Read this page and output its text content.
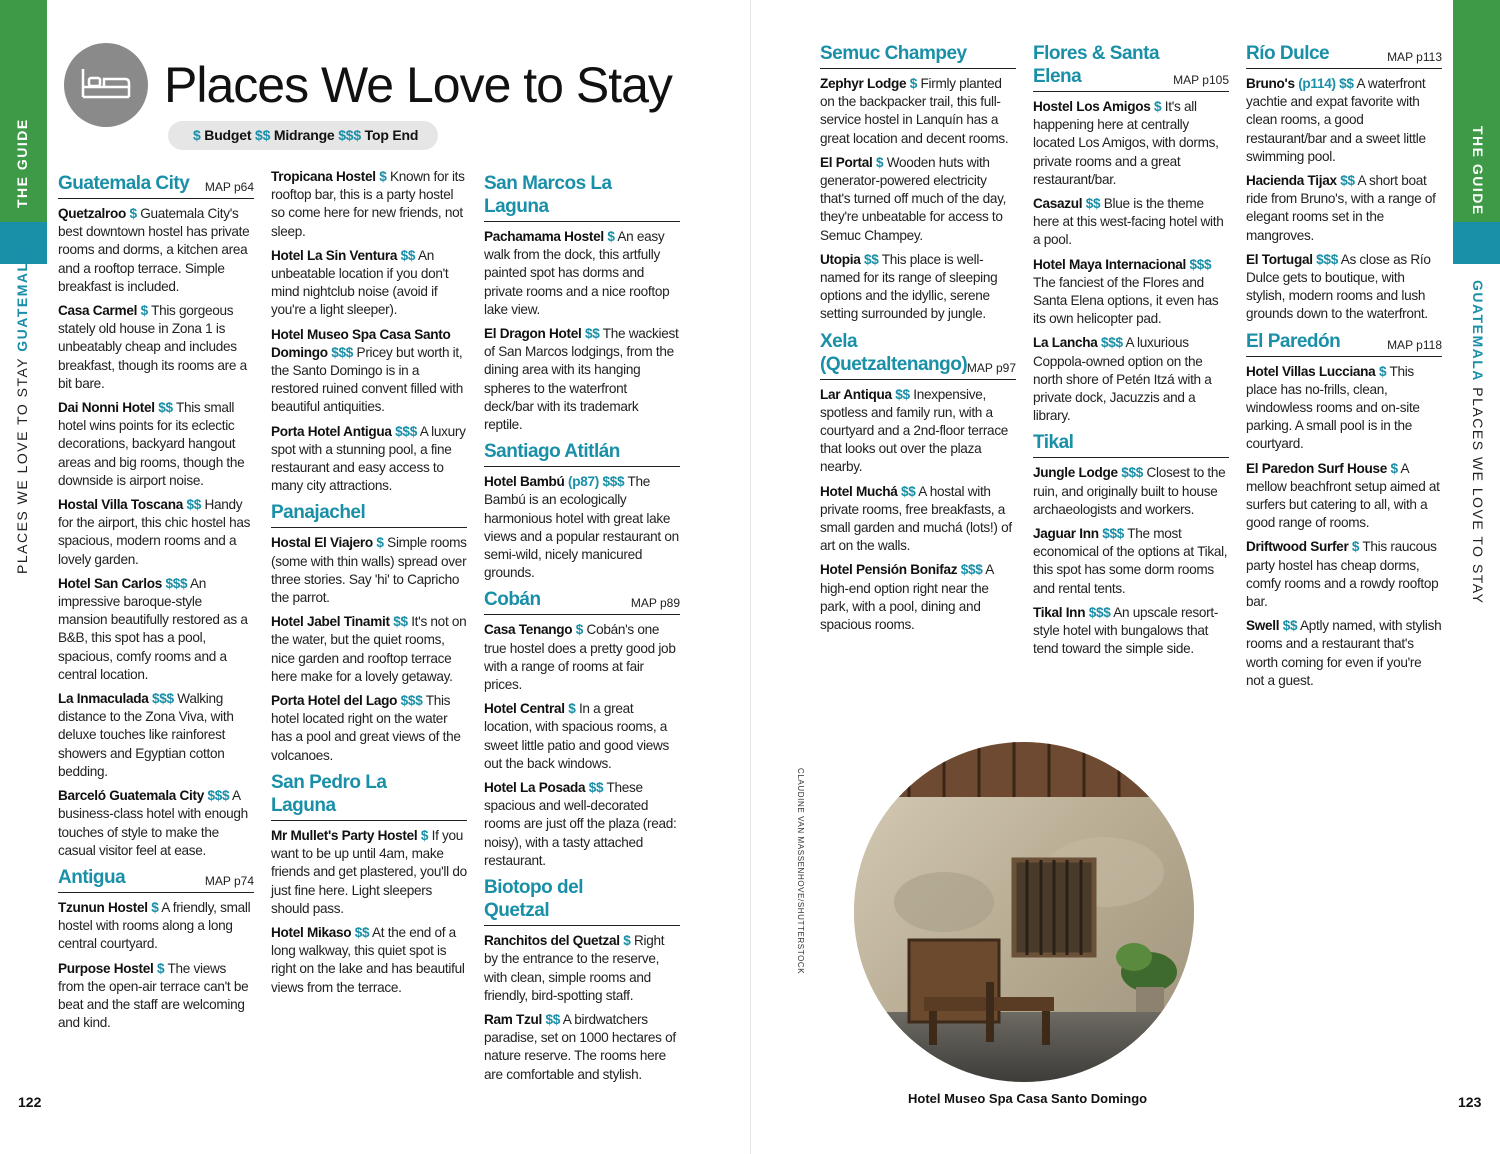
THE GUIDE
PLACES WE LOVE TO STAY GUATEMALA
Places We Love to Stay
$ Budget $$ Midrange $$$ Top End
122
THE GUIDE
GUATEMALA PLACES WE LOVE TO STAY
123
CLAUDINE VAN MASSENHOVE/SHUTTERSTOCK
Hotel Museo Spa Casa Santo Domingo
Guatemala City	MAP p64

Quetzalroo $ Guatemala City's best downtown hostel has private rooms and dorms, a kitchen area and a rooftop terrace. Simple breakfast is included.

Casa Carmel $ This gorgeous stately old house in Zona 1 is unbeatably cheap and includes breakfast, though its rooms are a bit bare.

Dai Nonni Hotel $$ This small hotel wins points for its eclectic decorations, backyard hangout areas and big rooms, though the downside is airport noise.

Hostal Villa Toscana $$ Handy for the airport, this chic hostel has spacious, modern rooms and a lovely garden.

Hotel San Carlos $$$ An impressive baroque-style mansion beautifully restored as a B&B, this spot has a pool, spacious, comfy rooms and a central location.

La Inmaculada $$$ Walking distance to the Zona Viva, with deluxe touches like rainforest showers and Egyptian cotton bedding.

Barceló Guatemala City $$$ A business-class hotel with enough touches of style to make the casual visitor feel at ease.

Antigua	MAP p74

Tzunun Hostel $ A friendly, small hostel with rooms along a long central courtyard.

Purpose Hostel $ The views from the open-air terrace can't be beat and the staff are welcoming and kind.

Tropicana Hostel $ Known for its rooftop bar, this is a party hostel so come here for new friends, not sleep.

Hotel La Sin Ventura $$ An unbeatable location if you don't mind nightclub noise (avoid if you're a light sleeper).

Hotel Museo Spa Casa Santo Domingo $$$ Pricey but worth it, the Santo Domingo is in a restored ruined convent filled with beautiful antiquities.

Porta Hotel Antigua $$$ A luxury spot with a stunning pool, a fine restaurant and easy access to many city attractions.

Panajachel

Hostal El Viajero $ Simple rooms (some with thin walls) spread over three stories. Say 'hi' to Capricho the parrot.

Hotel Jabel Tinamit $$ It's not on the water, but the quiet rooms, nice garden and rooftop terrace here make for a lovely getaway.

Porta Hotel del Lago $$$ This hotel located right on the water has a pool and great views of the volcanoes.

San Pedro La Laguna

Mr Mullet's Party Hostel $ If you want to be up until 4am, make friends and get plastered, you'll do just fine here. Light sleepers should pass.

Hotel Mikaso $$ At the end of a long walkway, this quiet spot is right on the lake and has beautiful views from the terrace.

San Marcos La Laguna

Pachamama Hostel $ An easy walk from the dock, this artfully painted spot has dorms and private rooms and a nice rooftop lake view.

El Dragon Hotel $$ The wackiest of San Marcos lodgings, from the dining area with its hanging spheres to the waterfront deck/bar with its trademark reptile.

Santiago Atitlán

Hotel Bambú (p87) $$$ The Bambú is an ecologically harmonious hotel with great lake views and a popular restaurant on semi-wild, nicely manicured grounds.

Cobán	MAP p89

Casa Tenango $ Cobán's one true hostel does a pretty good job with a range of rooms at fair prices.

Hotel Central $ In a great location, with spacious rooms, a sweet little patio and good views out the back windows.

Hotel La Posada $$ These spacious and well-decorated rooms are just off the plaza (read: noisy), with a tasty attached restaurant.

Biotopo del Quetzal

Ranchitos del Quetzal $ Right by the entrance to the reserve, with clean, simple rooms and friendly, bird-spotting staff.

Ram Tzul $$ A birdwatchers paradise, set on 1000 hectares of nature reserve. The rooms here are comfortable and stylish.

Semuc Champey

Zephyr Lodge $ Firmly planted on the backpacker trail, this full-service hostel in Lanquín has a great location and decent rooms.

El Portal $ Wooden huts with generator-powered electricity that's turned off much of the day, they're unbeatable for access to Semuc Champey.

Utopia $$ This place is well-named for its range of sleeping options and the idyllic, serene setting surrounded by jungle.

Xela (Quetzaltenango) MAP p97

Lar Antiqua $$ Inexpensive, spotless and family run, with a courtyard and a 2nd-floor terrace that looks out over the plaza nearby.

Hotel Muchá $$ A hostal with private rooms, free breakfasts, a small garden and muchá (lots!) of art on the walls.

Hotel Pensión Bonifaz $$$ A high-end option right near the park, with a pool, dining and spacious rooms.

Flores & Santa Elena	MAP p105

Hostel Los Amigos $ It's all happening here at centrally located Los Amigos, with dorms, private rooms and a great restaurant/bar.

Casazul $$ Blue is the theme here at this west-facing hotel with a pool.

Hotel Maya Internacional $$$ The fanciest of the Flores and Santa Elena options, it even has its own helicopter pad.

La Lancha $$$ A luxurious Coppola-owned option on the north shore of Petén Itzá with a private dock, Jacuzzis and a library.

Tikal

Jungle Lodge $$$ Closest to the ruin, and originally built to house archaeologists and workers.

Jaguar Inn $$$ The most economical of the options at Tikal, this spot has some dorm rooms and rental tents.

Tikal Inn $$$ An upscale resort-style hotel with bungalows that tend toward the simple side.

Río Dulce	MAP p113

Bruno's (p114) $$ A waterfront yachtie and expat favorite with clean rooms, a good restaurant/bar and a sweet little swimming pool.

Hacienda Tijax $$ A short boat ride from Bruno's, with a range of elegant rooms set in the mangroves.

El Tortugal $$$ As close as Río Dulce gets to boutique, with stylish, modern rooms and lush grounds down to the waterfront.

El Paredón	MAP p118

Hotel Villas Lucciana $ This place has no-frills, clean, windowless rooms and on-site parking. A small pool is in the courtyard.

El Paredon Surf House $ A mellow beachfront setup aimed at surfers but catering to all, with a good range of rooms.

Driftwood Surfer $ This raucous party hostel has cheap dorms, comfy rooms and a rowdy rooftop bar.

Swell $$ Aptly named, with stylish rooms and a restaurant that's worth coming for even if you're not a guest.
